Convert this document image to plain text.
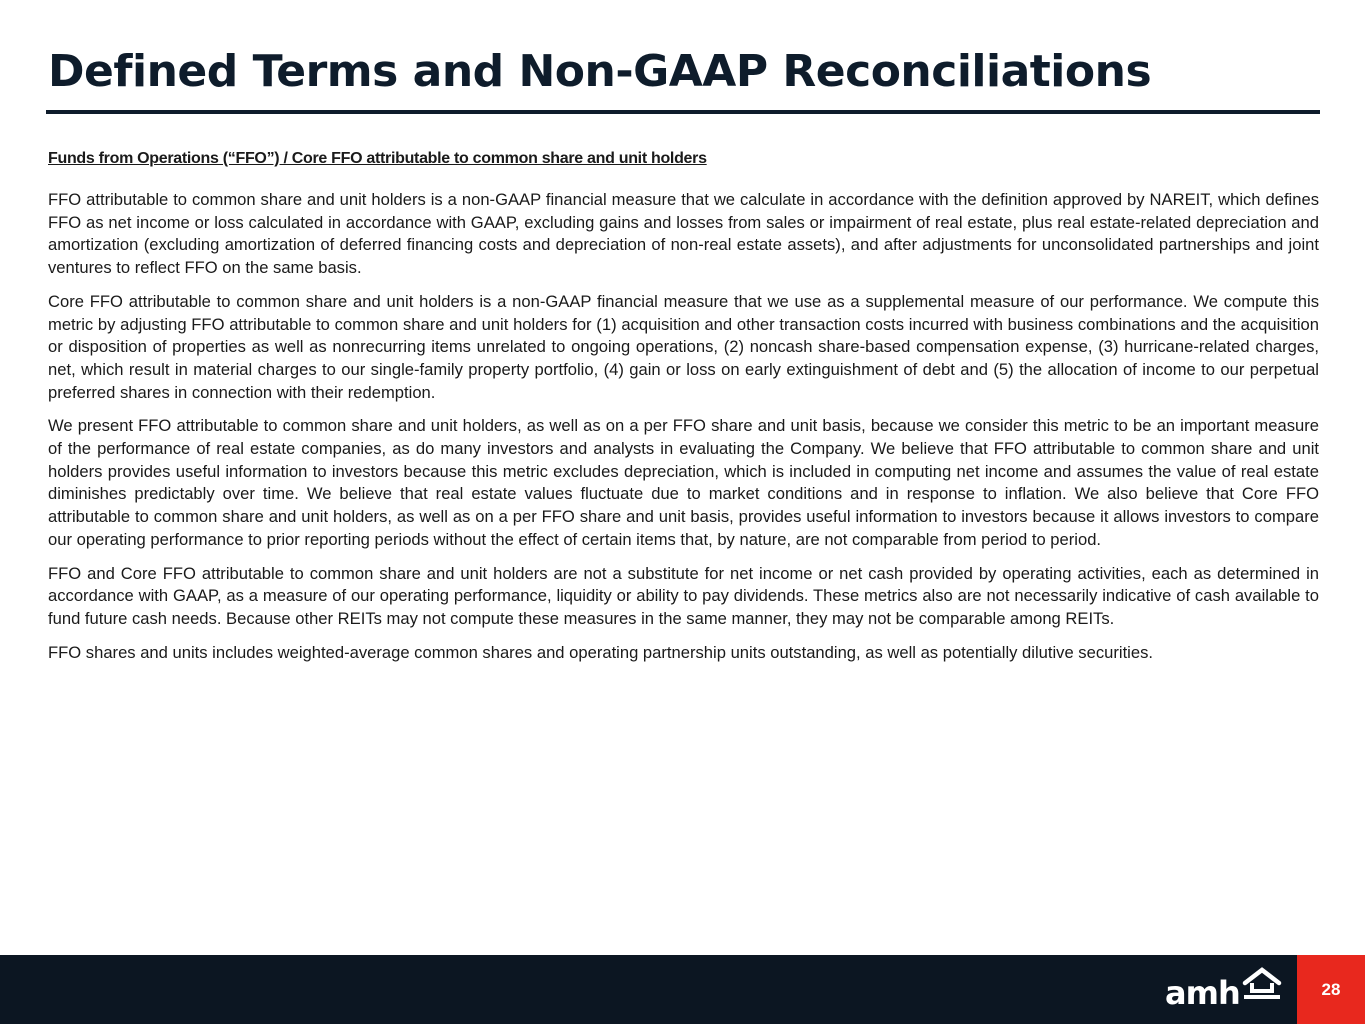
Defined Terms and Non-GAAP Reconciliations

Funds from Operations (“FFO”) / Core FFO attributable to common share and unit holders

FFO attributable to common share and unit holders is a non-GAAP financial measure that we calculate in accordance with the definition approved by NAREIT, which defines FFO as net income or loss calculated in accordance with GAAP, excluding gains and losses from sales or impairment of real estate, plus real estate-related depreciation and amortization (excluding amortization of deferred financing costs and depreciation of non-real estate assets), and after adjustments for unconsolidated partnerships and joint ventures to reflect FFO on the same basis.

Core FFO attributable to common share and unit holders is a non-GAAP financial measure that we use as a supplemental measure of our performance. We compute this metric by adjusting FFO attributable to common share and unit holders for (1) acquisition and other transaction costs incurred with business combinations and the acquisition or disposition of properties as well as nonrecurring items unrelated to ongoing operations, (2) noncash share-based compensation expense, (3) hurricane-related charges, net, which result in material charges to our single-family property portfolio, (4) gain or loss on early extinguishment of debt and (5) the allocation of income to our perpetual preferred shares in connection with their redemption.

We present FFO attributable to common share and unit holders, as well as on a per FFO share and unit basis, because we consider this metric to be an important measure of the performance of real estate companies, as do many investors and analysts in evaluating the Company. We believe that FFO attributable to common share and unit holders provides useful information to investors because this metric excludes depreciation, which is included in computing net income and assumes the value of real estate diminishes predictably over time. We believe that real estate values fluctuate due to market conditions and in response to inflation. We also believe that Core FFO attributable to common share and unit holders, as well as on a per FFO share and unit basis, provides useful information to investors because it allows investors to compare our operating performance to prior reporting periods without the effect of certain items that, by nature, are not comparable from period to period.

FFO and Core FFO attributable to common share and unit holders are not a substitute for net income or net cash provided by operating activities, each as determined in accordance with GAAP, as a measure of our operating performance, liquidity or ability to pay dividends. These metrics also are not necessarily indicative of cash available to fund future cash needs. Because other REITs may not compute these measures in the same manner, they may not be comparable among REITs.

FFO shares and units includes weighted-average common shares and operating partnership units outstanding, as well as potentially dilutive securities.

amh	28
